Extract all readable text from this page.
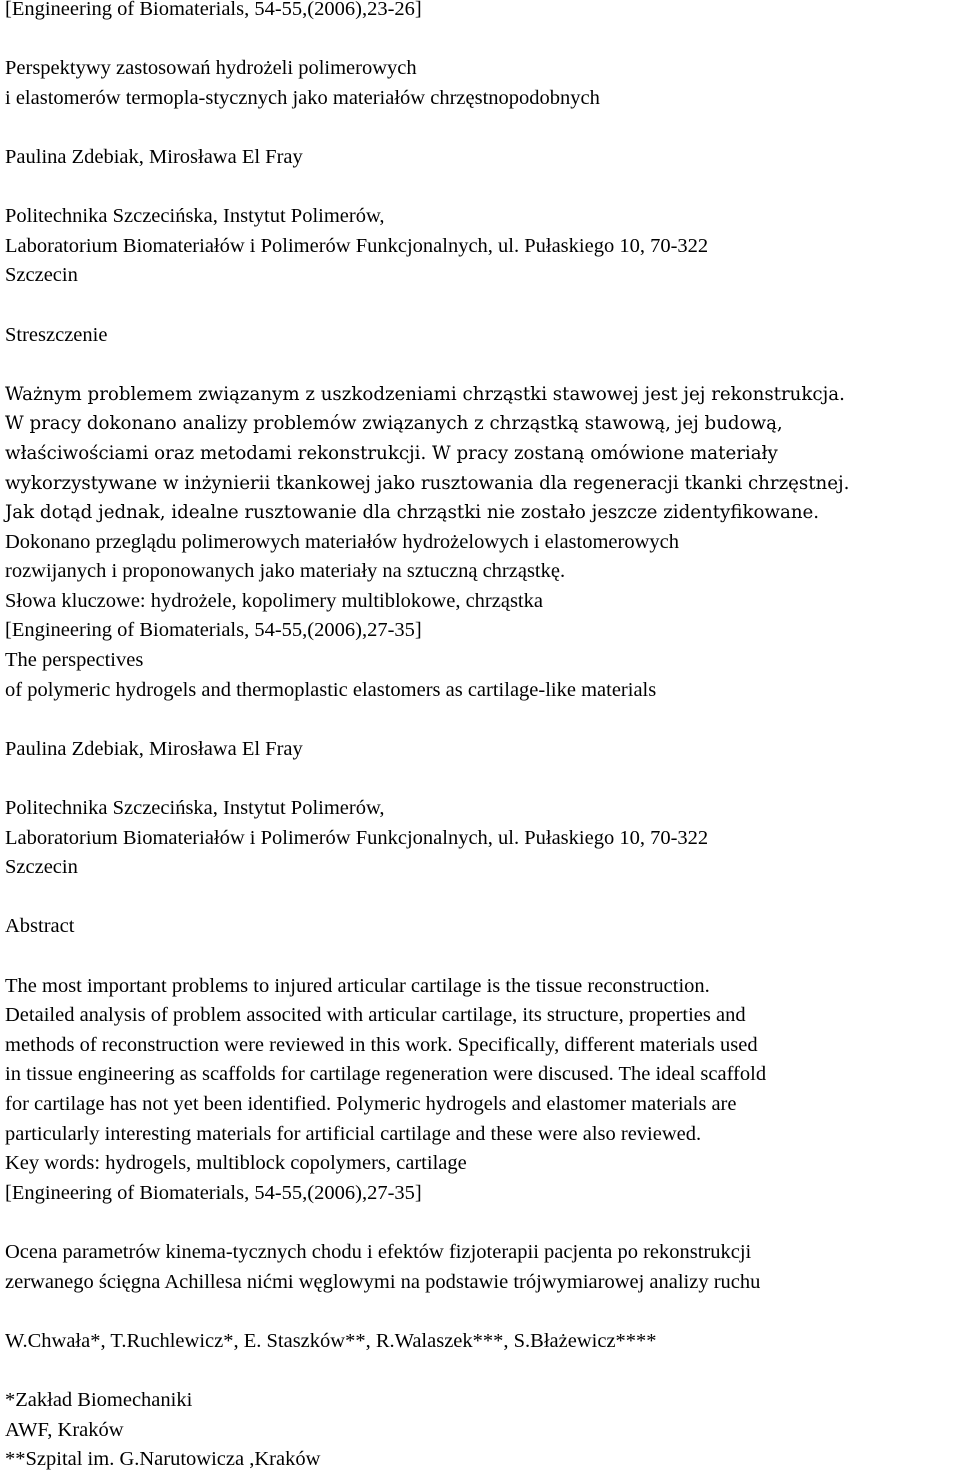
[Engineering of Biomaterials, 54-55,(2006),23-26]
Perspektywy zastosowań hydrożeli polimerowych
i elastomerów termopla-stycznych jako materiałów chrzęstnopodobnych
Paulina Zdebiak, Mirosława El Fray
Politechnika Szczecińska, Instytut Polimerów,
Laboratorium Biomateriałów i Polimerów Funkcjonalnych, ul. Pułaskiego 10, 70-322
Szczecin
Streszczenie
Ważnym problemem związanym z uszkodzeniami chrząstki stawowej jest jej rekonstrukcja.
W pracy dokonano analizy problemów związanych z chrząstką stawową, jej budową,
właściwościami oraz metodami rekonstrukcji. W pracy zostaną omówione materiały
wykorzystywane w inżynierii tkankowej jako rusztowania dla regeneracji tkanki chrzęstnej.
Jak dotąd jednak, idealne rusztowanie dla chrząstki nie zostało jeszcze zidentyfikowane.
Dokonano przeglądu polimerowych materiałów hydrożelowych i elastomerowych
rozwijanych i proponowanych jako materiały na sztuczną chrząstkę.
Słowa kluczowe: hydrożele, kopolimery multiblokowe, chrząstka
[Engineering of Biomaterials, 54-55,(2006),27-35]
The perspectives
of polymeric hydrogels and thermoplastic elastomers as cartilage-like materials
Paulina Zdebiak, Mirosława El Fray
Politechnika Szczecińska, Instytut Polimerów,
Laboratorium Biomateriałów i Polimerów Funkcjonalnych, ul. Pułaskiego 10, 70-322
Szczecin
Abstract
The most important problems to injured articular cartilage is the tissue reconstruction.
Detailed analysis of problem associted with articular cartilage, its structure, properties and
methods of reconstruction were reviewed in this work. Specifically, different materials used
in tissue engineering as scaffolds for cartilage regeneration were discused. The ideal scaffold
for cartilage has not yet been identified. Polymeric hydrogels and elastomer materials are
particularly interesting materials for artificial cartilage and these were also reviewed.
Key words: hydrogels, multiblock copolymers, cartilage
[Engineering of Biomaterials, 54-55,(2006),27-35]
Ocena parametrów kinema-tycznych chodu i efektów fizjoterapii pacjenta po rekonstrukcji
zerwanego ścięgna Achillesa nićmi węglowymi na podstawie trójwymiarowej analizy ruchu
W.Chwała*, T.Ruchlewicz*, E. Staszków**, R.Walaszek***, S.Błażewicz****
*Zakład Biomechaniki
AWF, Kraków
**Szpital im. G.Narutowicza ,Kraków
